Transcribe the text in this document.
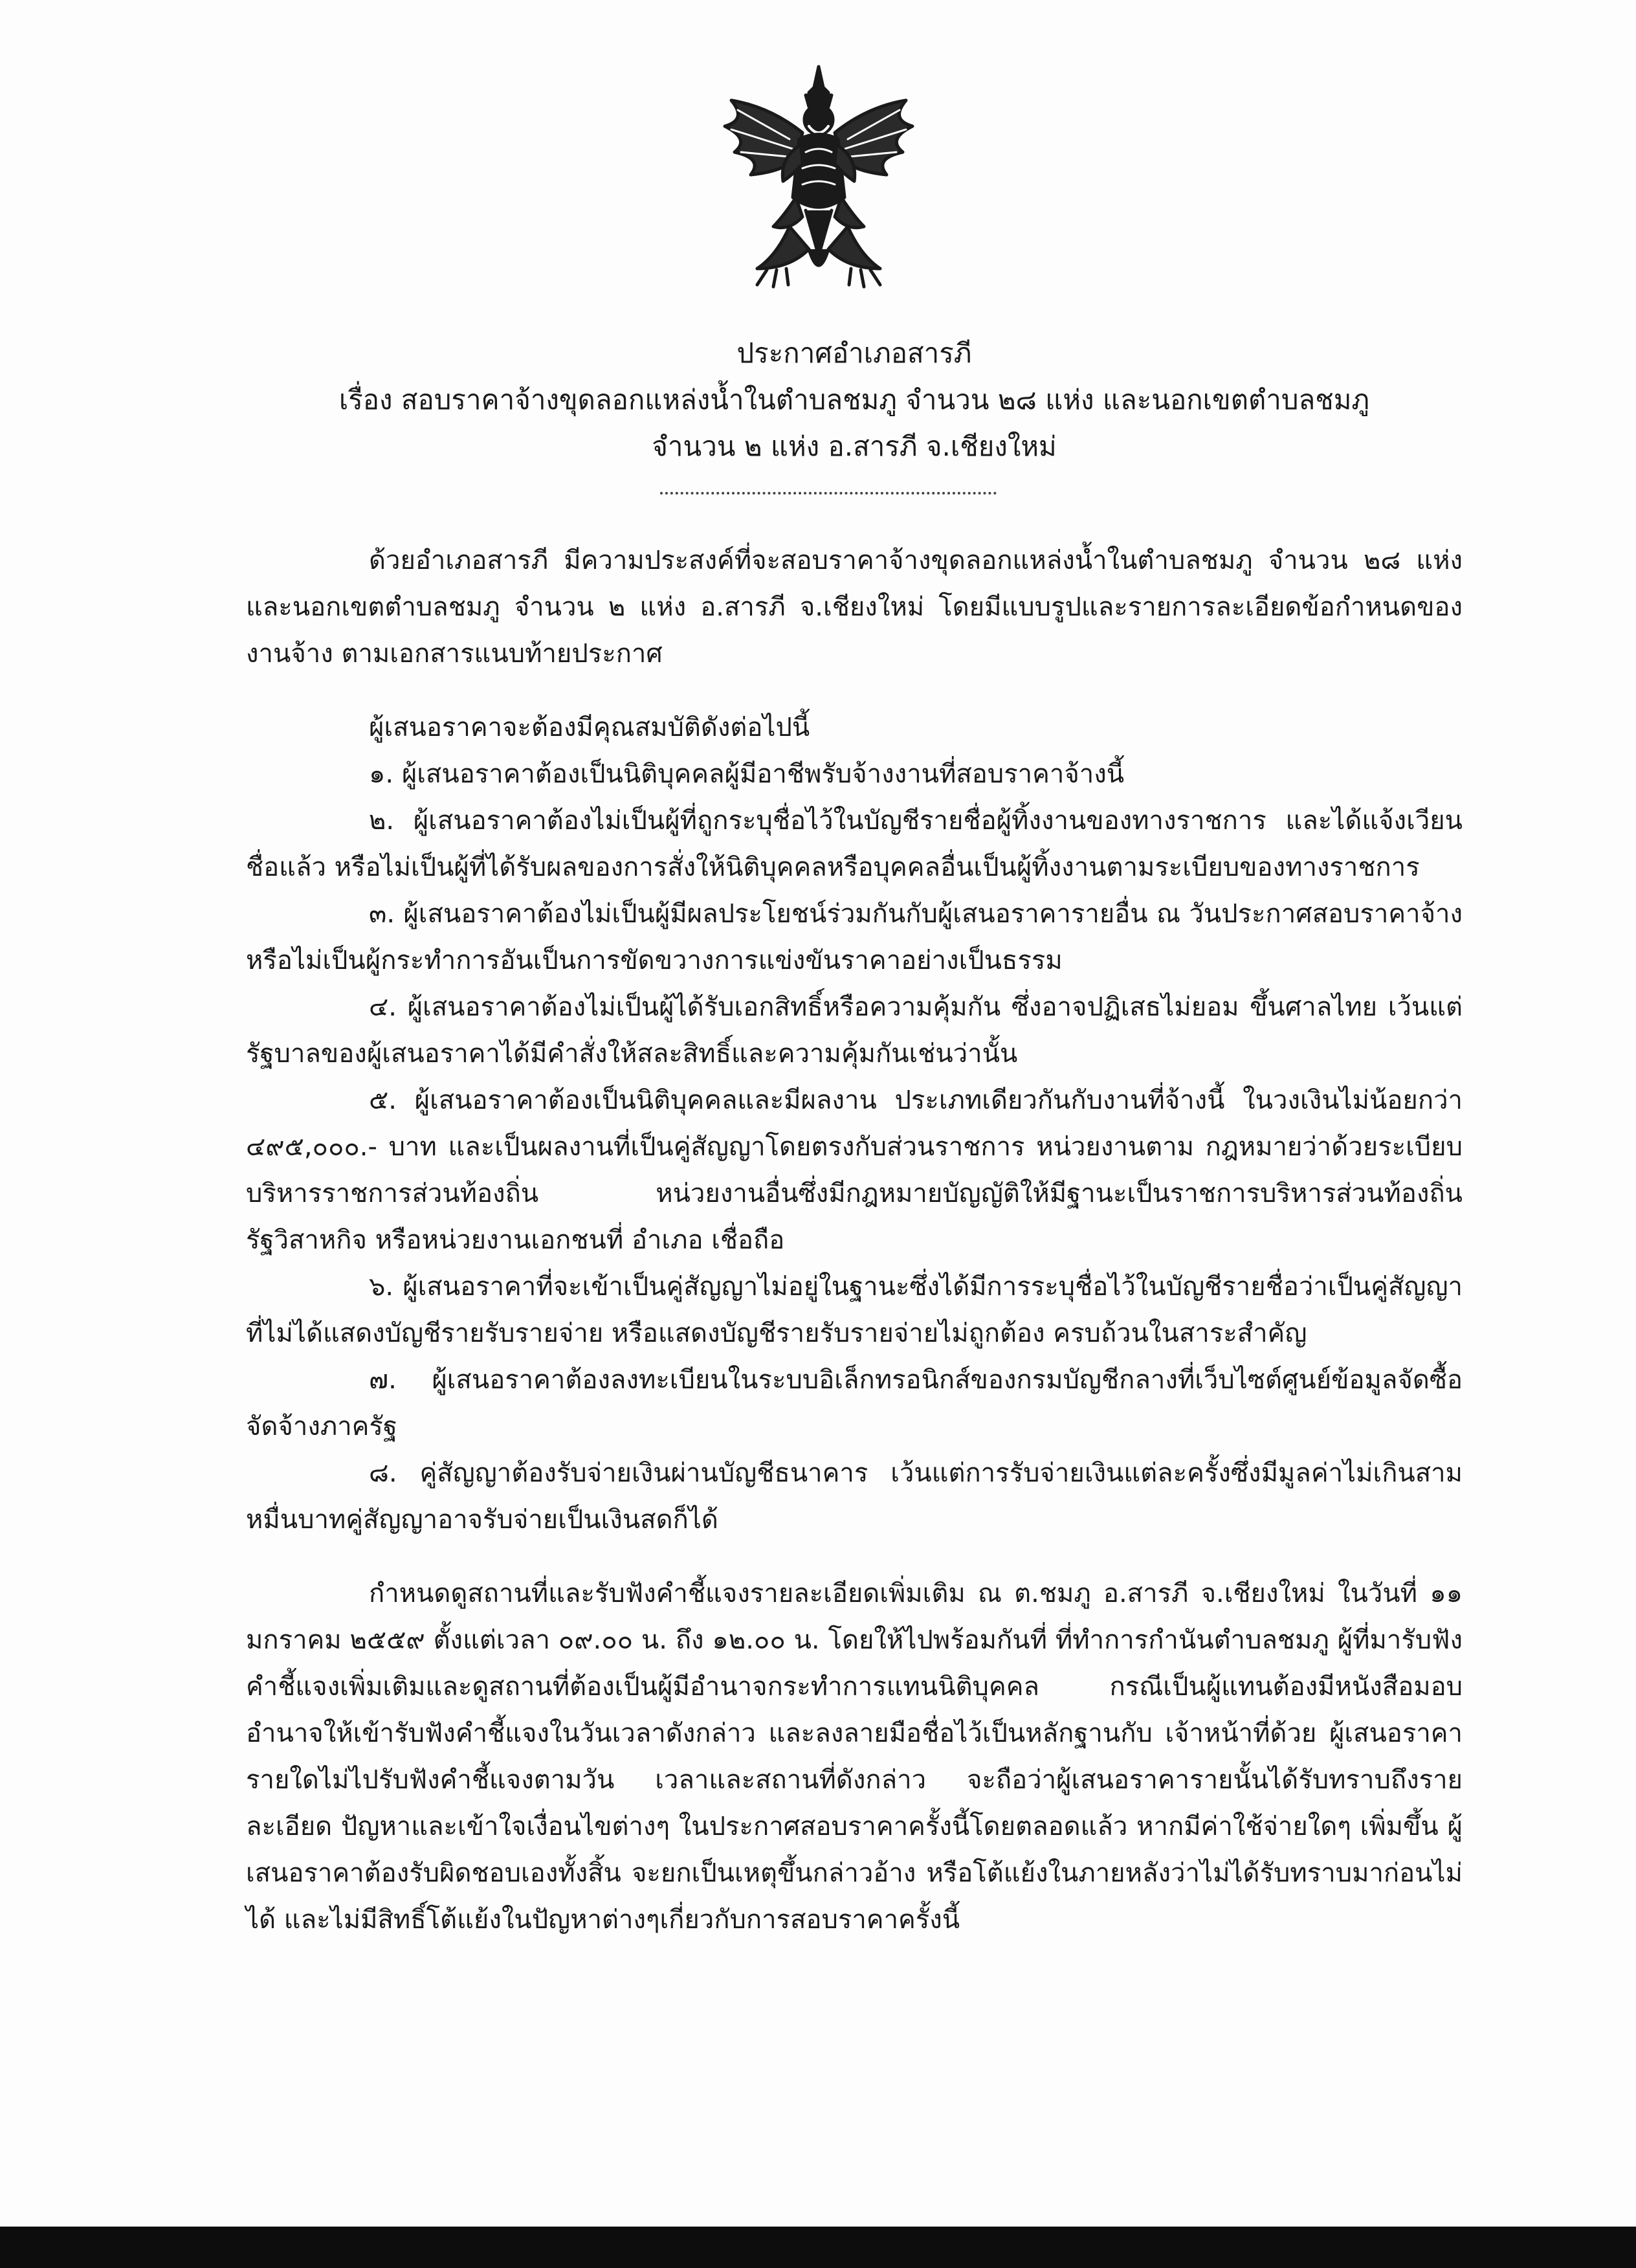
ประกาศอำเภอสารภี
เรื่อง สอบราคาจ้างขุดลอกแหล่งน้ำในตำบลชมภู จำนวน ๒๘ แห่ง และนอกเขตตำบลชมภู
จำนวน ๒ แห่ง อ.สารภี จ.เชียงใหม่

ด้วยอำเภอสารภี มีความประสงค์ที่จะสอบราคาจ้างขุดลอกแหล่งน้ำในตำบลชมภู จำนวน ๒๘ แห่ง และนอกเขตตำบลชมภู จำนวน ๒ แห่ง อ.สารภี จ.เชียงใหม่ โดยมีแบบรูปและรายการละเอียดข้อกำหนดของงานจ้าง ตามเอกสารแนบท้ายประกาศ

ผู้เสนอราคาจะต้องมีคุณสมบัติดังต่อไปนี้

๑. ผู้เสนอราคาต้องเป็นนิติบุคคลผู้มีอาชีพรับจ้างงานที่สอบราคาจ้างนี้

๒. ผู้เสนอราคาต้องไม่เป็นผู้ที่ถูกระบุชื่อไว้ในบัญชีรายชื่อผู้ทิ้งงานของทางราชการ และได้แจ้งเวียนชื่อแล้ว หรือไม่เป็นผู้ที่ได้รับผลของการสั่งให้นิติบุคคลหรือบุคคลอื่นเป็นผู้ทิ้งงานตามระเบียบของทางราชการ

๓. ผู้เสนอราคาต้องไม่เป็นผู้มีผลประโยชน์ร่วมกันกับผู้เสนอราคารายอื่น ณ วันประกาศสอบราคาจ้าง หรือไม่เป็นผู้กระทำการอันเป็นการขัดขวางการแข่งขันราคาอย่างเป็นธรรม

๔. ผู้เสนอราคาต้องไม่เป็นผู้ได้รับเอกสิทธิ์หรือความคุ้มกัน ซึ่งอาจปฏิเสธไม่ยอม ขึ้นศาลไทย เว้นแต่รัฐบาลของผู้เสนอราคาได้มีคำสั่งให้สละสิทธิ์และความคุ้มกันเช่นว่านั้น

๕. ผู้เสนอราคาต้องเป็นนิติบุคคลและมีผลงาน ประเภทเดียวกันกับงานที่จ้างนี้ ในวงเงินไม่น้อยกว่า ๔๙๕,๐๐๐.- บาท และเป็นผลงานที่เป็นคู่สัญญาโดยตรงกับส่วนราชการ หน่วยงานตาม กฎหมายว่าด้วยระเบียบบริหารราชการส่วนท้องถิ่น หน่วยงานอื่นซึ่งมีกฎหมายบัญญัติให้มีฐานะเป็นราชการบริหารส่วนท้องถิ่น รัฐวิสาหกิจ หรือหน่วยงานเอกชนที่ อำเภอ เชื่อถือ

๖. ผู้เสนอราคาที่จะเข้าเป็นคู่สัญญาไม่อยู่ในฐานะซึ่งได้มีการระบุชื่อไว้ในบัญชีรายชื่อว่าเป็นคู่สัญญาที่ไม่ได้แสดงบัญชีรายรับรายจ่าย หรือแสดงบัญชีรายรับรายจ่ายไม่ถูกต้อง ครบถ้วนในสาระสำคัญ

๗. ผู้เสนอราคาต้องลงทะเบียนในระบบอิเล็กทรอนิกส์ของกรมบัญชีกลางที่เว็บไซต์ศูนย์ข้อมูลจัดซื้อจัดจ้างภาครัฐ

๘. คู่สัญญาต้องรับจ่ายเงินผ่านบัญชีธนาคาร เว้นแต่การรับจ่ายเงินแต่ละครั้งซึ่งมีมูลค่าไม่เกินสามหมื่นบาทคู่สัญญาอาจรับจ่ายเป็นเงินสดก็ได้

กำหนดดูสถานที่และรับฟังคำชี้แจงรายละเอียดเพิ่มเติม ณ ต.ชมภู อ.สารภี จ.เชียงใหม่ ในวันที่ ๑๑ มกราคม ๒๕๕๙ ตั้งแต่เวลา ๐๙.๐๐ น. ถึง ๑๒.๐๐ น. โดยให้ไปพร้อมกันที่ ที่ทำการกำนันตำบลชมภู ผู้ที่มารับฟังคำชี้แจงเพิ่มเติมและดูสถานที่ต้องเป็นผู้มีอำนาจกระทำการแทนนิติบุคคล กรณีเป็นผู้แทนต้องมีหนังสือมอบอำนาจให้เข้ารับฟังคำชี้แจงในวันเวลาดังกล่าว และลงลายมือชื่อไว้เป็นหลักฐานกับ เจ้าหน้าที่ด้วย ผู้เสนอราคารายใดไม่ไปรับฟังคำชี้แจงตามวัน เวลาและสถานที่ดังกล่าว จะถือว่าผู้เสนอราคารายนั้นได้รับทราบถึงรายละเอียด ปัญหาและเข้าใจเงื่อนไขต่างๆ ในประกาศสอบราคาครั้งนี้โดยตลอดแล้ว หากมีค่าใช้จ่ายใดๆ เพิ่มขึ้น ผู้เสนอราคาต้องรับผิดชอบเองทั้งสิ้น จะยกเป็นเหตุขึ้นกล่าวอ้าง หรือโต้แย้งในภายหลังว่าไม่ได้รับทราบมาก่อนไม่ได้ และไม่มีสิทธิ์โต้แย้งในปัญหาต่างๆเกี่ยวกับการสอบราคาครั้งนี้
